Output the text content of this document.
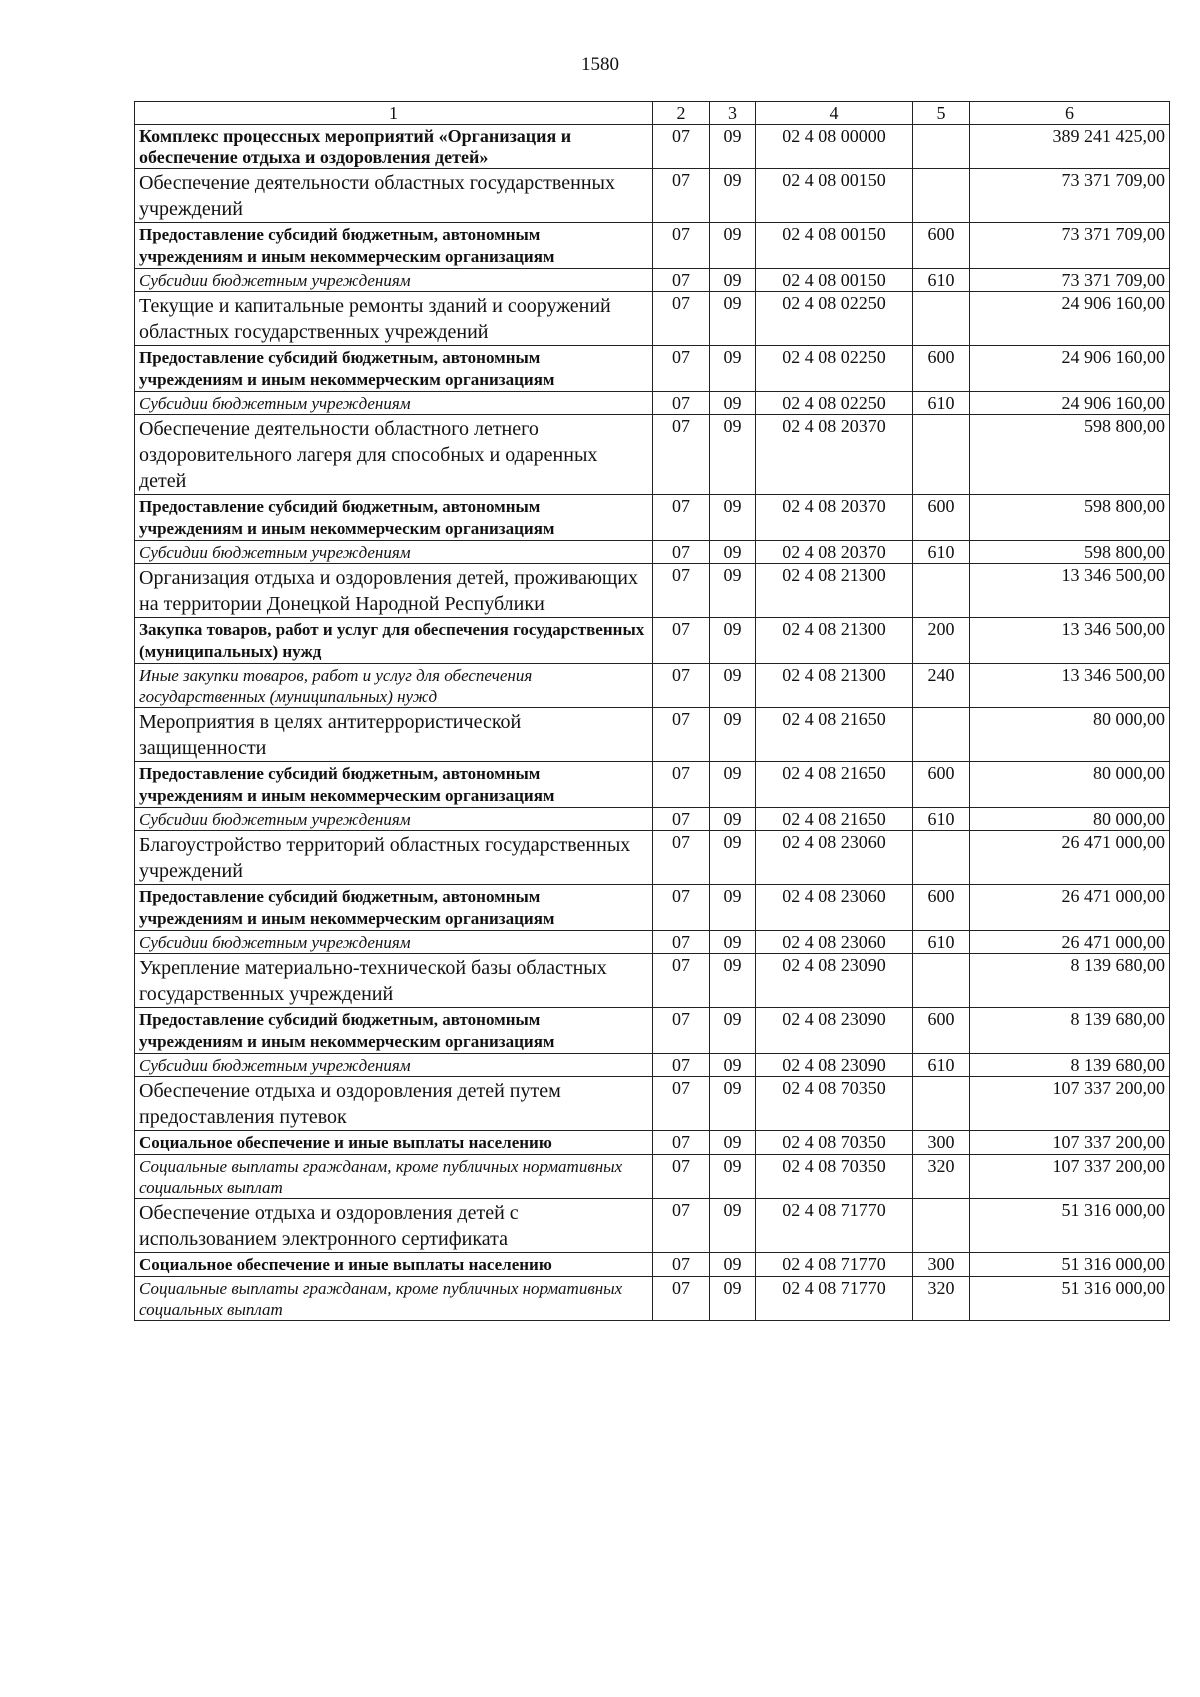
1580
1	2	3	4	5	6
Комплекс процессных мероприятий «Организация и обеспечение отдыха и оздоровления детей»	07	09	02 4 08 00000		389 241 425,00
Обеспечение деятельности областных государственных учреждений	07	09	02 4 08 00150		73 371 709,00
Предоставление субсидий бюджетным, автономным учреждениям и иным некоммерческим организациям	07	09	02 4 08 00150	600	73 371 709,00
Субсидии бюджетным учреждениям	07	09	02 4 08 00150	610	73 371 709,00
Текущие и капитальные ремонты зданий и сооружений областных государственных учреждений	07	09	02 4 08 02250		24 906 160,00
Предоставление субсидий бюджетным, автономным учреждениям и иным некоммерческим организациям	07	09	02 4 08 02250	600	24 906 160,00
Субсидии бюджетным учреждениям	07	09	02 4 08 02250	610	24 906 160,00
Обеспечение деятельности областного летнего оздоровительного лагеря для способных и одаренных детей	07	09	02 4 08 20370		598 800,00
Предоставление субсидий бюджетным, автономным учреждениям и иным некоммерческим организациям	07	09	02 4 08 20370	600	598 800,00
Субсидии бюджетным учреждениям	07	09	02 4 08 20370	610	598 800,00
Организация отдыха и оздоровления детей, проживающих на территории Донецкой Народной Республики	07	09	02 4 08 21300		13 346 500,00
Закупка товаров, работ и услуг для обеспечения государственных (муниципальных) нужд	07	09	02 4 08 21300	200	13 346 500,00
Иные закупки товаров, работ и услуг для обеспечения государственных (муниципальных) нужд	07	09	02 4 08 21300	240	13 346 500,00
Мероприятия в целях антитеррористической защищенности	07	09	02 4 08 21650		80 000,00
Предоставление субсидий бюджетным, автономным учреждениям и иным некоммерческим организациям	07	09	02 4 08 21650	600	80 000,00
Субсидии бюджетным учреждениям	07	09	02 4 08 21650	610	80 000,00
Благоустройство территорий областных государственных учреждений	07	09	02 4 08 23060		26 471 000,00
Предоставление субсидий бюджетным, автономным учреждениям и иным некоммерческим организациям	07	09	02 4 08 23060	600	26 471 000,00
Субсидии бюджетным учреждениям	07	09	02 4 08 23060	610	26 471 000,00
Укрепление материально-технической базы областных государственных учреждений	07	09	02 4 08 23090		8 139 680,00
Предоставление субсидий бюджетным, автономным учреждениям и иным некоммерческим организациям	07	09	02 4 08 23090	600	8 139 680,00
Субсидии бюджетным учреждениям	07	09	02 4 08 23090	610	8 139 680,00
Обеспечение отдыха и оздоровления детей путем предоставления путевок	07	09	02 4 08 70350		107 337 200,00
Социальное обеспечение и иные выплаты населению	07	09	02 4 08 70350	300	107 337 200,00
Социальные выплаты гражданам, кроме публичных нормативных социальных выплат	07	09	02 4 08 70350	320	107 337 200,00
Обеспечение отдыха и оздоровления детей с использованием электронного сертификата	07	09	02 4 08 71770		51 316 000,00
Социальное обеспечение и иные выплаты населению	07	09	02 4 08 71770	300	51 316 000,00
Социальные выплаты гражданам, кроме публичных нормативных социальных выплат	07	09	02 4 08 71770	320	51 316 000,00
